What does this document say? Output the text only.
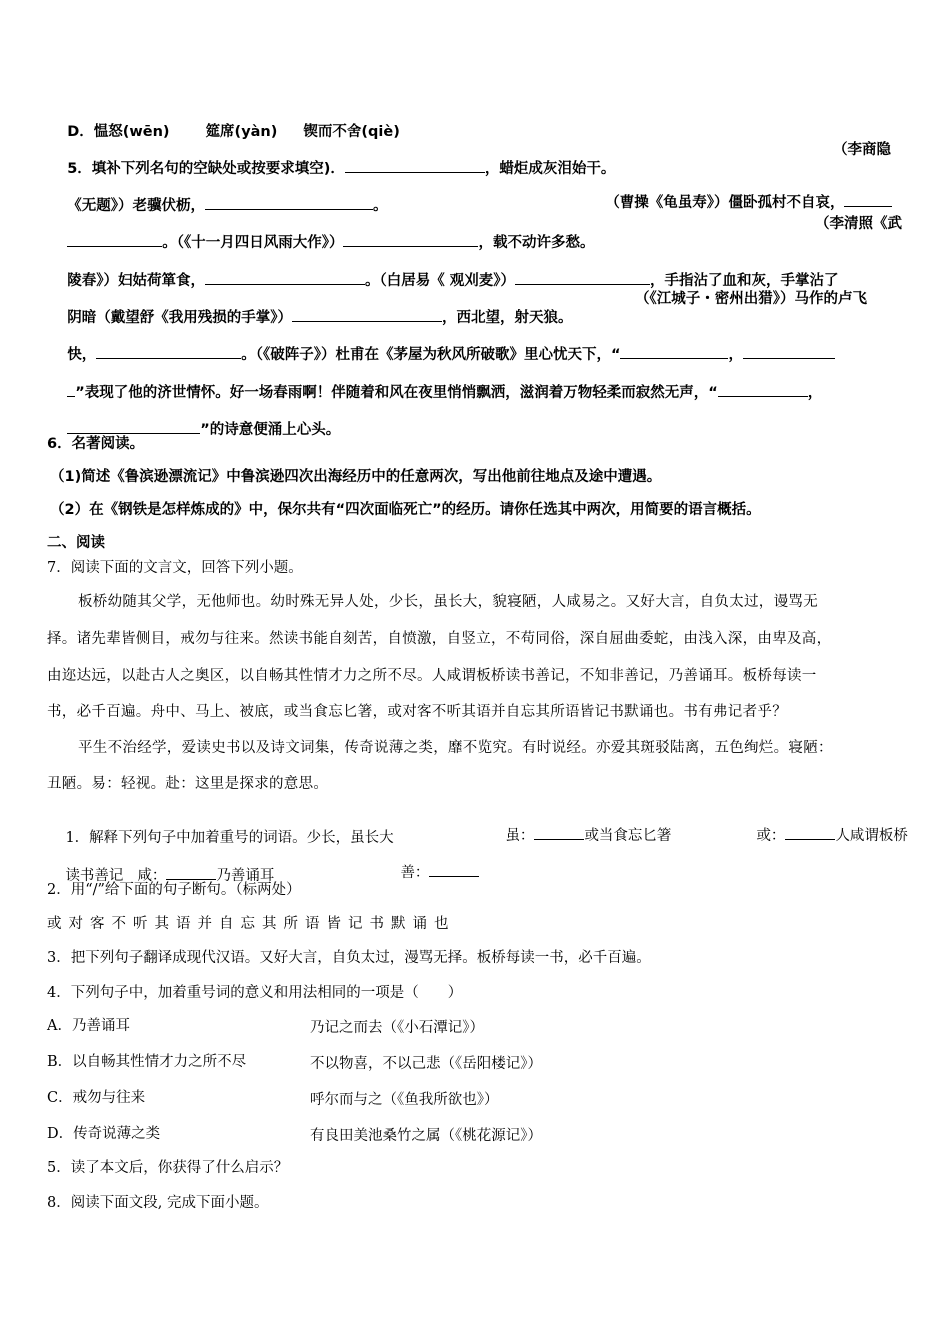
D．愠怒(wēn) 筵席(yàn) 锲而不舍(qiè)

5．填补下列名句的空缺处或按要求填空)．	，蜡炬成灰泪始干。

（李商隐

《无题》）老骥伏枥，	。
	（曹操《龟虽寿》）僵卧孤村不自哀，

。（《十一月四日风雨大作》）	，载不动许多愁。

（李清照《武

陵春》）妇姑荷箪食，	。（白居易《 观刈麦》）	，手指沾了血和灰，手掌沾了

阴暗（戴望舒《我用残损的手掌》）	，西北望，射天狼。

（《江城子・密州出猎》）马作的卢飞

快，	。（《破阵子》）杜甫在《茅屋为秋风所破歌》里心忧天下，“	，

”表现了他的济世情怀。好一场春雨啊！伴随着和风在夜里悄悄飘洒，滋润着万物轻柔而寂然无声，“	，

”的诗意便涌上心头。

6．名著阅读。
（1)简述《鲁滨逊漂流记》中鲁滨逊四次出海经历中的任意两次，写出他前往地点及途中遭遇。
（2）在《钢铁是怎样炼成的》中，保尔共有“四次面临死亡”的经历。请你任选其中两次，用简要的语言概括。
二、阅读
7．阅读下面的文言文，回答下列小题。
板桥幼随其父学，无他师也。幼时殊无异人处，少长，虽长大，貌寝陋，人咸易之。又好大言，自负太过，谩骂无
择。诸先辈皆侧目，戒勿与往来。然读书能自刻苦，自愤激，自竖立，不苟同俗，深自屈曲委蛇，由浅入深，由卑及高，
由迩达远，以赴古人之奥区，以自畅其性情才力之所不尽。人咸谓板桥读书善记，不知非善记，乃善诵耳。板桥每读一
书，必千百遍。舟中、马上、被底，或当食忘匕箸，或对客不听其语并自忘其所语皆记书默诵也。书有弗记者乎？
平生不治经学，爱读史书以及诗文词集，传奇说薄之类，靡不览究。有时说经。亦爱其斑驳陆离，五色绚烂。寝陋：
丑陋。易：轻视。赴：这里是探求的意思。

1．解释下列句子中加着重号的词语。少长，虽长大
	虽：	或当食忘匕箸
	或：	人咸谓板桥

读书善记 咸：	乃善诵耳
	善：

2．用“/”给下面的句子断句。（标两处）
或对客不听其语并自忘其所语皆记书默诵也
3．把下列句子翻译成现代汉语。又好大言，自负太过，漫骂无择。板桥每读一书，必千百遍。
4．下列句子中，加着重号词的意义和用法相同的一项是（　　）
A．乃善诵耳	乃记之而去（《小石潭记》）
B．以自畅其性情才力之所不尽	不以物喜，不以己悲（《岳阳楼记》）
C．戒勿与往来	呼尔而与之（《鱼我所欲也》）
D．传奇说薄之类	有良田美池桑竹之属（《桃花源记》）
5．读了本文后，你获得了什么启示？
8．阅读下面文段, 完成下面小题。
